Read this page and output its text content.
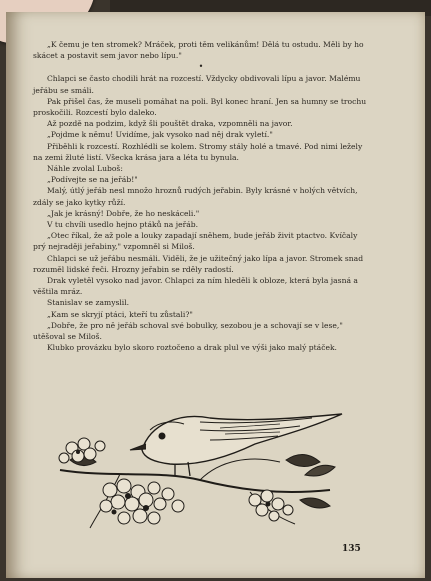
„K čemu je ten stromek? Mráček, proti těm velikánům! Dělá tu ostudu. Měli by ho skácet a postavit sem javor nebo lípu."

•

Chlapci se často chodili hrát na rozcestí. Vždycky obdivovali lípu a javor. Malému jeřábu se smáli.

Pak přišel čas, že museli pomáhat na poli. Byl konec hraní. Jen sa humny se trochu proskočili. Rozcestí bylo daleko.

Až pozdě na podzim, když šli pouštět draka, vzpomněli na javor.

„Pojdme k němu! Uvidíme, jak vysoko nad něj drak vyletí."

Přiběhli k rozcestí. Rozhlédli se kolem. Stromy stály holé a tmavé. Pod nimi ležely na zemi žluté listí. Všecka krása jara a léta tu bynula.

Náhle zvolal Luboš:

„Podívejte se na jeřáb!"

Malý, útlý jeřáb nesl množo hroznů rudých jeřabin. Byly krásné v holých větvích, zdály se jako kytky růží.

„Jak je krásný! Dobře, že ho neskáceli."

V tu chvíli usedlo hejno ptáků na jeřáb.

„Otec říkal, že až pole a louky zapadají sněhem, bude jeřáb živit ptactvo. Kvíčaly prý nejraději jeřabiny," vzpomněl si Miloš.

Chlapci se už jeřábu nesmáli. Viděli, že je užitečný jako lípa a javor. Stromek snad rozuměl lidské řeči. Hrozny jeřabin se rděly radostí.

Drak vyletěl vysoko nad javor. Chlapci za ním hleděli k obloze, která byla jasná a věštila mráz.

Stanislav se zamyslil.

„Kam se skryjí ptáci, kteří tu zůstali?"

„Dobře, že pro ně jeřáb schoval své bobulky, sezobou je a schovají se v lese," utěšoval se Miloš.

Klubko provázku bylo skoro roztočeno a drak plul ve výši jako malý ptáček.

135
